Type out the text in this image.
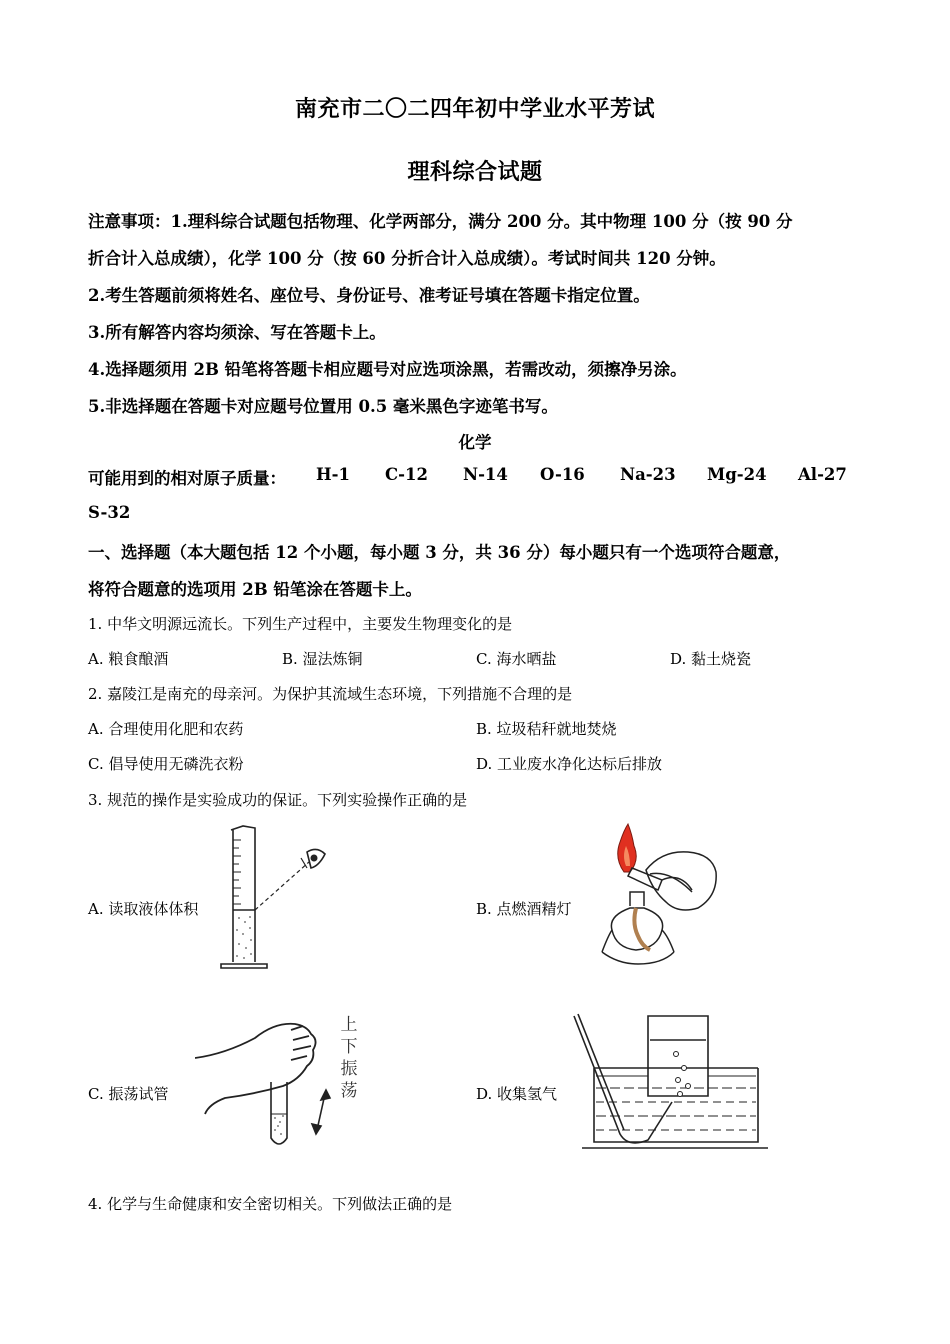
南充市二〇二四年初中学业水平芳试
理科综合试题
注意事项：1.理科综合试题包括物理、化学两部分，满分 200 分。其中物理 100 分（按 90 分
折合计入总成绩），化学 100 分（按 60 分折合计入总成绩）。考试时间共 120 分钟。
2.考生答题前须将姓名、座位号、身份证号、准考证号填在答题卡指定位置。
3.所有解答内容均须涂、写在答题卡上。
4.选择题须用 2B 铅笔将答题卡相应题号对应选项涂黑，若需改动，须擦净另涂。
5.非选择题在答题卡对应题号位置用 0.5 毫米黑色字迹笔书写。
化学
可能用到的相对原子质量： H-1 C-12 N-14 O-16 Na-23 Mg-24 Al-27
S-32
一、选择题（本大题包括 12 个小题，每小题 3 分，共 36 分）每小题只有一个选项符合题意，
将符合题意的选项用 2B 铅笔涂在答题卡上。
1. 中华文明源远流长。下列生产过程中，主要发生物理变化的是
A. 粮食酿酒	B. 湿法炼铜	C. 海水晒盐	D. 黏土烧瓷
2. 嘉陵江是南充的母亲河。为保护其流域生态环境，下列措施不合理的是
A. 合理使用化肥和农药	B. 垃圾秸秆就地焚烧
C. 倡导使用无磷洗衣粉	D. 工业废水净化达标后排放
3. 规范的操作是实验成功的保证。下列实验操作正确的是
A. 读取液体体积	B. 点燃酒精灯
C. 振荡试管	D. 收集氢气
上
下
振
荡
4. 化学与生命健康和安全密切相关。下列做法正确的是
